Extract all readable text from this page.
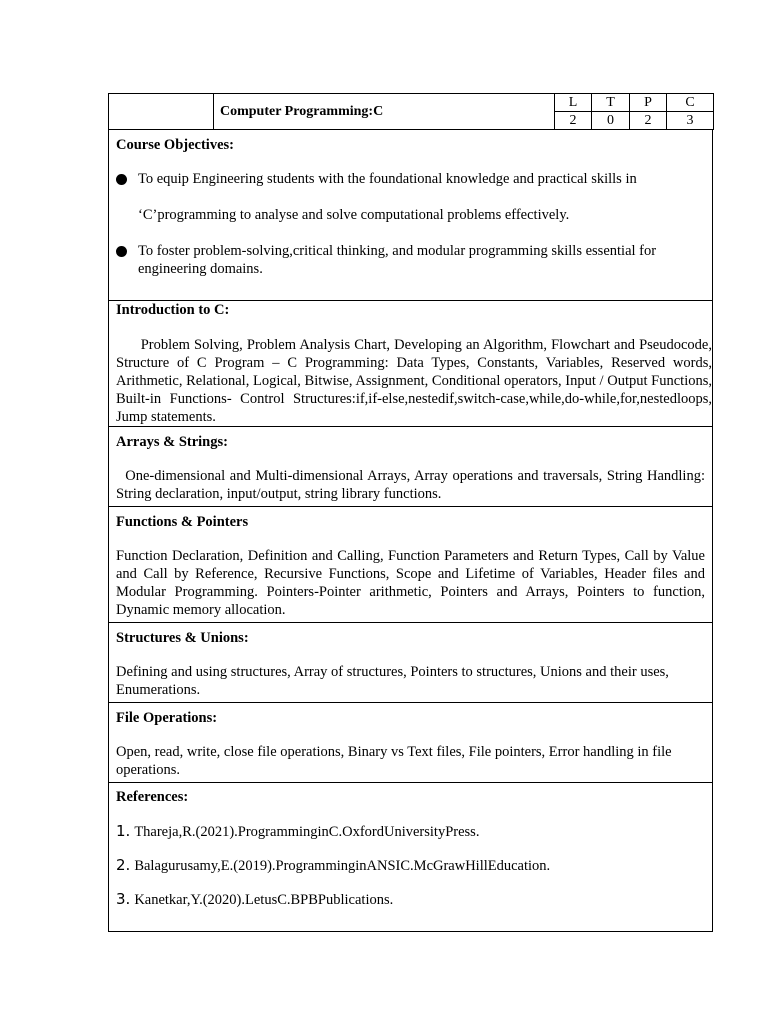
	Computer Programming:C	L	T	P	C
		2	0	2	3
Course Objectives:
To equip Engineering students with the foundational knowledge and practical skills in
‘C’programming to analyse and solve computational problems effectively.
To foster problem-solving,critical thinking, and modular programming skills essential for engineering domains.
Introduction to C:
Problem Solving, Problem Analysis Chart, Developing an Algorithm, Flowchart and Pseudocode, Structure of C Program – C Programming: Data Types, Constants, Variables, Reserved words, Arithmetic, Relational, Logical, Bitwise, Assignment, Conditional operators, Input / Output Functions, Built-in Functions- Control Structures:if,if-else,nestedif,switch-case,while,do-while,for,nestedloops, Jump statements.
Arrays & Strings:
One-dimensional and Multi-dimensional Arrays, Array operations and traversals, String Handling: String declaration, input/output, string library functions.
Functions & Pointers
Function Declaration, Definition and Calling, Function Parameters and Return Types, Call by Value and Call by Reference, Recursive Functions, Scope and Lifetime of Variables, Header files and Modular Programming. Pointers-Pointer arithmetic, Pointers and Arrays, Pointers to function, Dynamic memory allocation.
Structures & Unions:
Defining and using structures, Array of structures, Pointers to structures, Unions and their uses, Enumerations.
File Operations:
Open, read, write, close file operations, Binary vs Text files, File pointers, Error handling in file operations.
References:
1. Thareja,R.(2021).ProgramminginC.OxfordUniversityPress.
2. Balagurusamy,E.(2019).ProgramminginANSIC.McGrawHillEducation.
3. Kanetkar,Y.(2020).LetusC.BPBPublications.
